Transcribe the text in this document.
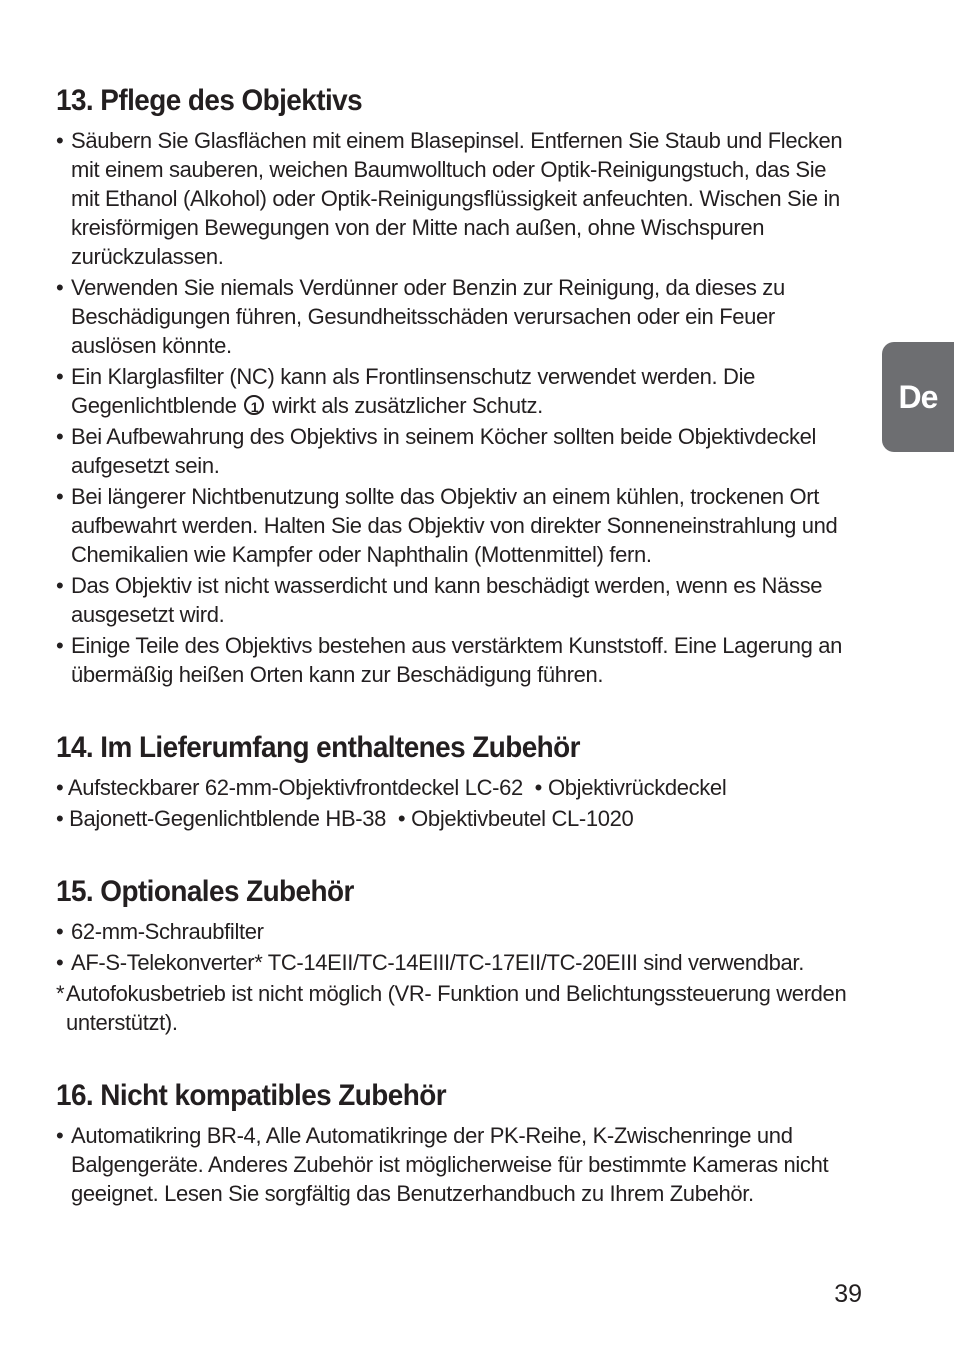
13. Pflege des Objektivs
• Säubern Sie Glasflächen mit einem Blasepinsel. Entfernen Sie Staub und Flecken mit einem sauberen, weichen Baumwolltuch oder Optik-Reinigungstuch, das Sie mit Ethanol (Alkohol) oder Optik-Reinigungsflüssigkeit anfeuchten. Wischen Sie in kreisförmigen Bewegungen von der Mitte nach außen, ohne Wischspuren zurückzulassen.
• Verwenden Sie niemals Verdünner oder Benzin zur Reinigung, da dieses zu Beschädigungen führen, Gesundheitsschäden verursachen oder ein Feuer auslösen könnte.
• Ein Klarglasfilter (NC) kann als Frontlinsenschutz verwendet werden. Die Gegenlichtblende 1 wirkt als zusätzlicher Schutz.
• Bei Aufbewahrung des Objektivs in seinem Köcher sollten beide Objektivdeckel aufgesetzt sein.
• Bei längerer Nichtbenutzung sollte das Objektiv an einem kühlen, trockenen Ort aufbewahrt werden. Halten Sie das Objektiv von direkter Sonneneinstrahlung und Chemikalien wie Kampfer oder Naphthalin (Mottenmittel) fern.
• Das Objektiv ist nicht wasserdicht und kann beschädigt werden, wenn es Nässe ausgesetzt wird.
• Einige Teile des Objektivs bestehen aus verstärktem Kunststoff. Eine Lagerung an übermäßig heißen Orten kann zur Beschädigung führen.
14. Im Lieferumfang enthaltenes Zubehör
• Aufsteckbarer 62-mm-Objektivfrontdeckel LC-62 • Objektivrückdeckel
• Bajonett-Gegenlichtblende HB-38 • Objektivbeutel CL-1020
15. Optionales Zubehör
• 62-mm-Schraubfilter
• AF-S-Telekonverter* TC-14EII/TC-14EIII/TC-17EII/TC-20EIII sind verwendbar.
* Autofokusbetrieb ist nicht möglich (VR- Funktion und Belichtungssteuerung werden unterstützt).
16. Nicht kompatibles Zubehör
• Automatikring BR-4, Alle Automatikringe der PK-Reihe, K-Zwischenringe und Balgengeräte. Anderes Zubehör ist möglicherweise für bestimmte Kameras nicht geeignet. Lesen Sie sorgfältig das Benutzerhandbuch zu Ihrem Zubehör.
De
39
